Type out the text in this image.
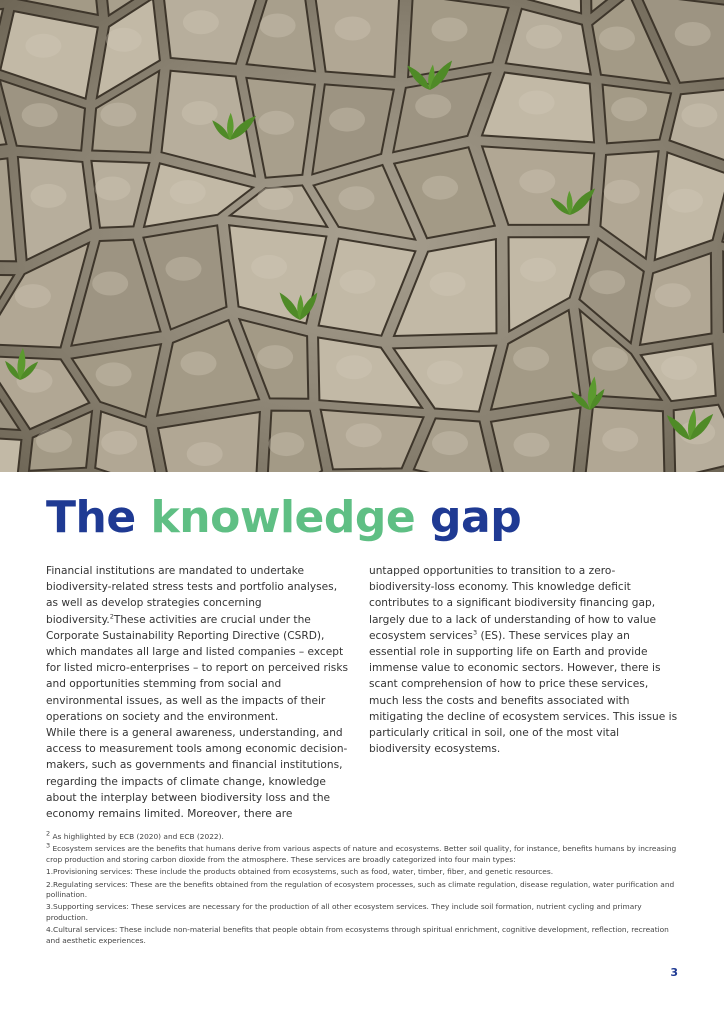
The knowledge gap

Financial institutions are mandated to undertake biodiversity-related stress tests and portfolio analyses, as well as develop strategies concerning biodiversity.$^2$These activities are crucial under the Corporate Sustainability Reporting Directive (CSRD), which mandates all large and listed companies – except for listed micro-enterprises – to report on perceived risks and opportunities stemming from social and environmental issues, as well as the impacts of their operations on society and the environment.

While there is a general awareness, understanding, and access to measurement tools among economic decision-makers, such as governments and financial institutions, regarding the impacts of climate change, knowledge about the interplay between biodiversity loss and the economy remains limited. Moreover, there are

untapped opportunities to transition to a zero-biodiversity-loss economy. This knowledge deficit contributes to a significant biodiversity financing gap, largely due to a lack of understanding of how to value ecosystem services$^3$ (ES). These services play an essential role in supporting life on Earth and provide immense value to economic sectors. However, there is scant comprehension of how to price these services, much less the costs and benefits associated with mitigating the decline of ecosystem services. This issue is particularly critical in soil, one of the most vital biodiversity ecosystems.

$^2$ As highlighted by ECB (2020) and ECB (2022).

$^3$ Ecosystem services are the benefits that humans derive from various aspects of nature and ecosystems. Better soil quality, for instance, benefits humans by increasing crop production and storing carbon dioxide from the atmosphere. These services are broadly categorized into four main types:

1.Provisioning services: These include the products obtained from ecosystems, such as food, water, timber, fiber, and genetic resources.

2.Regulating services: These are the benefits obtained from the regulation of ecosystem processes, such as climate regulation, disease regulation, water purification and pollination.

3.Supporting services: These services are necessary for the production of all other ecosystem services. They include soil formation, nutrient cycling and primary production.

4.Cultural services: These include non-material benefits that people obtain from ecosystems through spiritual enrichment, cognitive development, reflection, recreation and aesthetic experiences.

3
